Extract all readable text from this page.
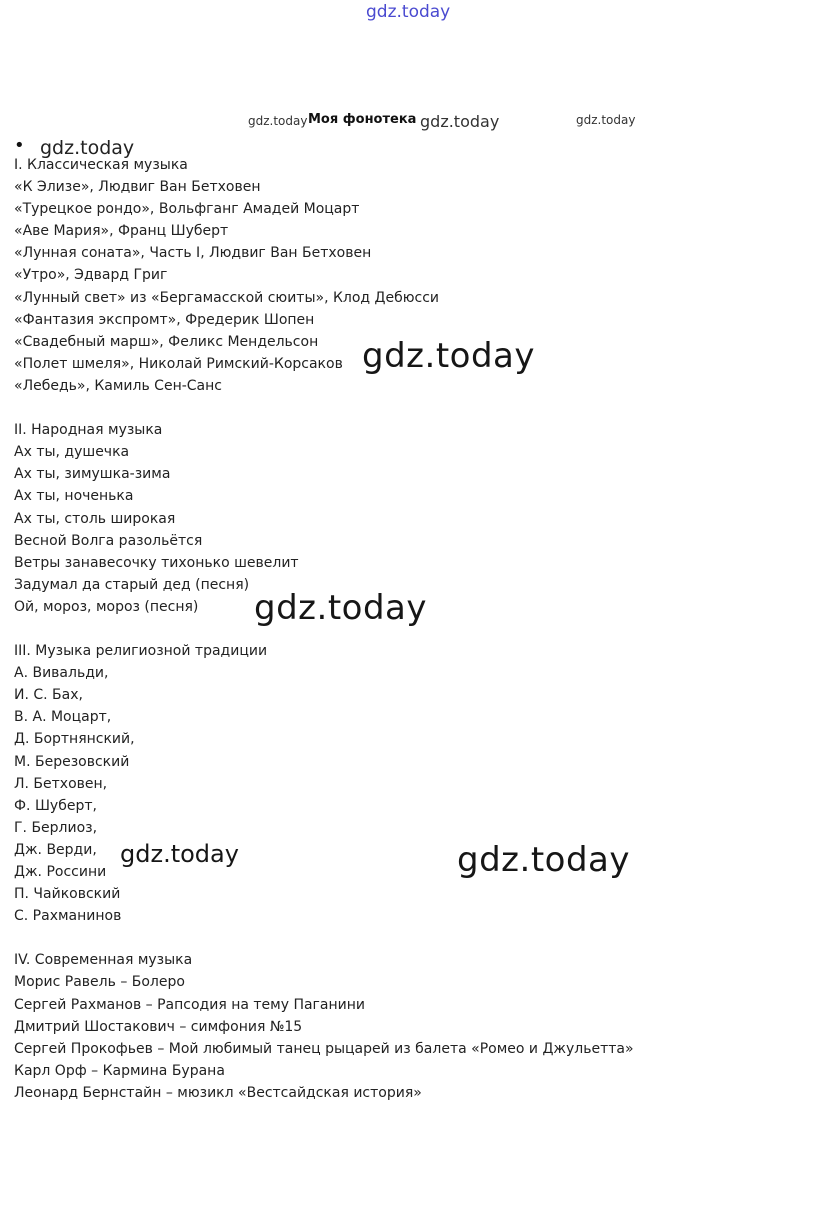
gdz.today
gdz.today Моя фонотека gdz.today	gdz.today
• gdz.today
I. Классическая музыка
«К Элизе», Людвиг Ван Бетховен
«Турецкое рондо», Вольфганг Амадей Моцарт
«Аве Мария», Франц Шуберт
«Лунная соната», Часть I, Людвиг Ван Бетховен
«Утро», Эдвард Григ
«Лунный свет» из «Бергамасской сюиты», Клод Дебюсси
«Фантазия экспромт», Фредерик Шопен
«Свадебный марш», Феликс Мендельсон
«Полет шмеля», Николай Римский-Корсаков
«Лебедь», Камиль Сен-Санс
II. Народная музыка
Ах ты, душечка
Ах ты, зимушка-зима
Ах ты, ноченька
Ах ты, столь широкая
Весной Волга разольётся
Ветры занавесочку тихонько шевелит
Задумал да старый дед (песня)
Ой, мороз, мороз (песня)
III. Музыка религиозной традиции
А. Вивальди,
И. С. Бах,
В. А. Моцарт,
Д. Бортнянский,
М. Березовский
Л. Бетховен,
Ф. Шуберт,
Г. Берлиоз,
Дж. Верди,
Дж. Россини
П. Чайковский
С. Рахманинов
IV. Современная музыка
Морис Равель – Болеро
Сергей Рахманов – Рапсодия на тему Паганини
Дмитрий Шостакович – симфония №15
Сергей Прокофьев – Мой любимый танец рыцарей из балета «Ромео и Джульетта»
Карл Орф – Кармина Бурана
Леонард Бернстайн – мюзикл «Вестсайдская история»
gdz.today
gdz.today
gdz.today	gdz.today
